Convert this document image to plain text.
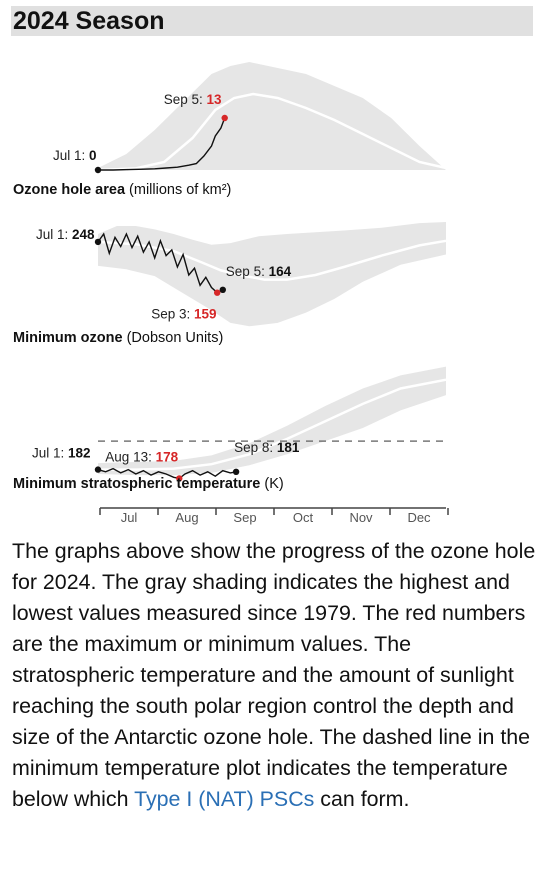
2024 Season
Jul 1: 0
Sep 5: 13
Ozone hole area (millions of km²)
Jul 1: 248
Sep 5: 164
Sep 3: 159
Minimum ozone (Dobson Units)
Jul 1: 182 Aug 13: 178
Sep 8: 181
Minimum stratospheric temperature (K)
Jul	Aug	Sep	Oct	Nov	Dec

The graphs above show the progress of the ozone hole for 2024. The gray shading indicates the highest and lowest values measured since 1979. The red numbers are the maximum or minimum values. The stratospheric temperature and the amount of sunlight reaching the south polar region control the depth and size of the Antarctic ozone hole. The dashed line in the minimum temperature plot indicates the temperature below which Type I (NAT) PSCs can form.
